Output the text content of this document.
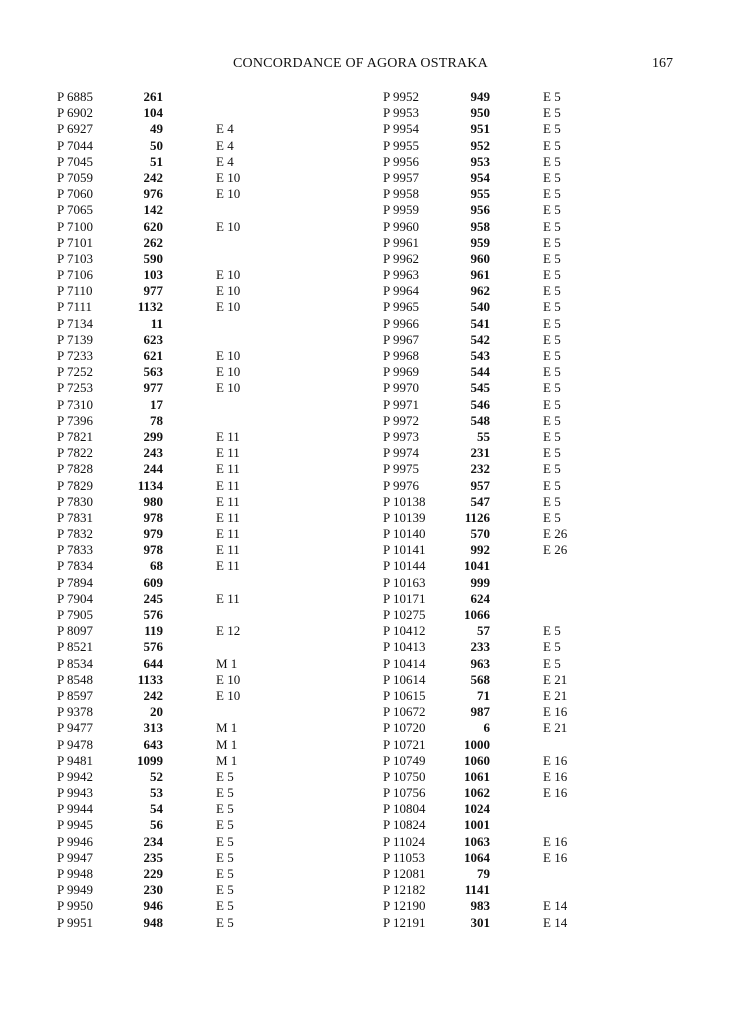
CONCORDANCE OF AGORA OSTRAKA	167
P 6885	261
P 6902	104
P 6927	49	E 4
P 7044	50	E 4
P 7045	51	E 4
P 7059	242	E 10
P 7060	976	E 10
P 7065	142
P 7100	620	E 10
P 7101	262
P 7103	590
P 7106	103	E 10
P 7110	977	E 10
P 7111	1132	E 10
P 7134	11
P 7139	623
P 7233	621	E 10
P 7252	563	E 10
P 7253	977	E 10
P 7310	17
P 7396	78
P 7821	299	E 11
P 7822	243	E 11
P 7828	244	E 11
P 7829	1134	E 11
P 7830	980	E 11
P 7831	978	E 11
P 7832	979	E 11
P 7833	978	E 11
P 7834	68	E 11
P 7894	609
P 7904	245	E 11
P 7905	576
P 8097	119	E 12
P 8521	576
P 8534	644	M 1
P 8548	1133	E 10
P 8597	242	E 10
P 9378	20
P 9477	313	M 1
P 9478	643	M 1
P 9481	1099	M 1
P 9942	52	E 5
P 9943	53	E 5
P 9944	54	E 5
P 9945	56	E 5
P 9946	234	E 5
P 9947	235	E 5
P 9948	229	E 5
P 9949	230	E 5
P 9950	946	E 5
P 9951	948	E 5
P 9952	949	E 5
P 9953	950	E 5
P 9954	951	E 5
P 9955	952	E 5
P 9956	953	E 5
P 9957	954	E 5
P 9958	955	E 5
P 9959	956	E 5
P 9960	958	E 5
P 9961	959	E 5
P 9962	960	E 5
P 9963	961	E 5
P 9964	962	E 5
P 9965	540	E 5
P 9966	541	E 5
P 9967	542	E 5
P 9968	543	E 5
P 9969	544	E 5
P 9970	545	E 5
P 9971	546	E 5
P 9972	548	E 5
P 9973	55	E 5
P 9974	231	E 5
P 9975	232	E 5
P 9976	957	E 5
P 10138	547	E 5
P 10139	1126	E 5
P 10140	570	E 26
P 10141	992	E 26
P 10144	1041
P 10163	999
P 10171	624
P 10275	1066
P 10412	57	E 5
P 10413	233	E 5
P 10414	963	E 5
P 10614	568	E 21
P 10615	71	E 21
P 10672	987	E 16
P 10720	6	E 21
P 10721	1000
P 10749	1060	E 16
P 10750	1061	E 16
P 10756	1062	E 16
P 10804	1024
P 10824	1001
P 11024	1063	E 16
P 11053	1064	E 16
P 12081	79
P 12182	1141
P 12190	983	E 14
P 12191	301	E 14
